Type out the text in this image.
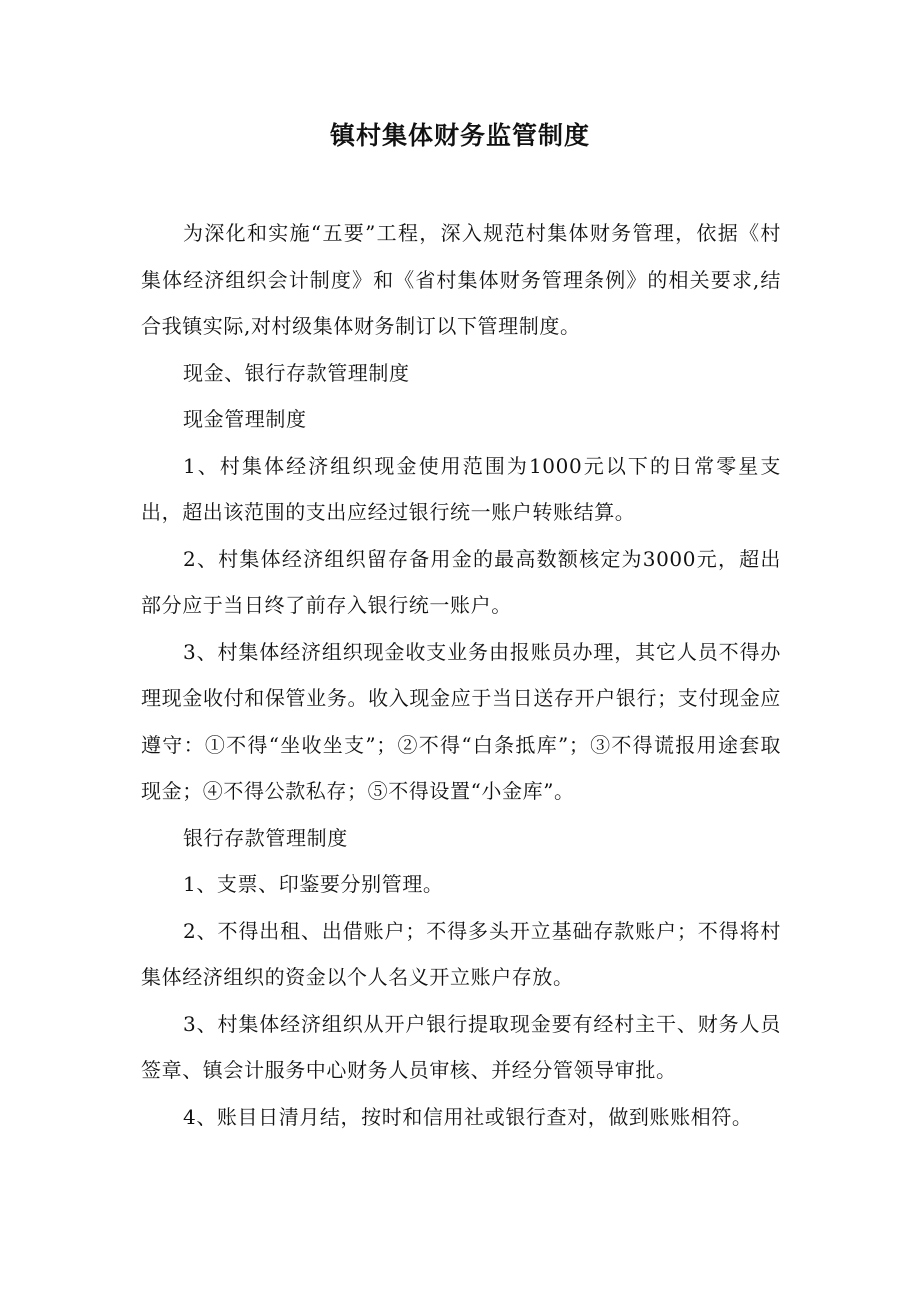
镇村集体财务监管制度

为深化和实施“五要”工程，深入规范村集体财务管理，依据《村集体经济组织会计制度》和《省村集体财务管理条例》的相关要求,结合我镇实际,对村级集体财务制订以下管理制度。

现金、银行存款管理制度

现金管理制度

1、村集体经济组织现金使用范围为1000元以下的日常零星支出，超出该范围的支出应经过银行统一账户转账结算。

2、村集体经济组织留存备用金的最高数额核定为3000元，超出部分应于当日终了前存入银行统一账户。

3、村集体经济组织现金收支业务由报账员办理，其它人员不得办理现金收付和保管业务。收入现金应于当日送存开户银行；支付现金应遵守：①不得“坐收坐支”；②不得“白条抵库”；③不得谎报用途套取现金；④不得公款私存；⑤不得设置“小金库”。

银行存款管理制度

1、支票、印鉴要分别管理。

2、不得出租、出借账户；不得多头开立基础存款账户；不得将村集体经济组织的资金以个人名义开立账户存放。

3、村集体经济组织从开户银行提取现金要有经村主干、财务人员签章、镇会计服务中心财务人员审核、并经分管领导审批。

4、账目日清月结，按时和信用社或银行查对，做到账账相符。
